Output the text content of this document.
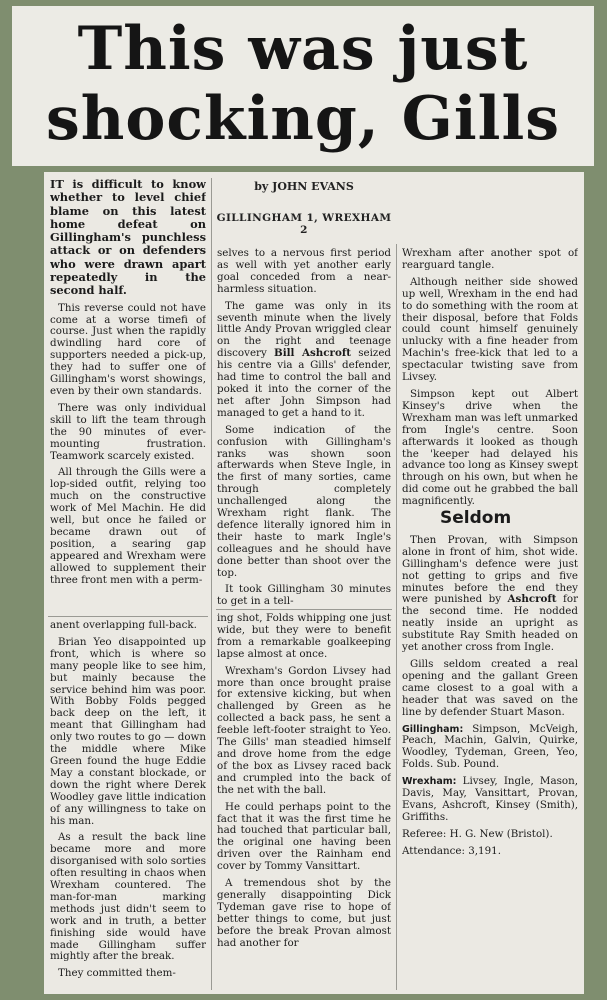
This was just
shocking, Gills
by JOHN EVANS
GILLINGHAM 1, WREXHAM 2

IT is difficult to know whether to level chief blame on this latest home defeat on Gillingham's punchless attack or on defenders who were drawn apart repeatedly in the second half.

This reverse could not have come at a worse timefi of course. Just when the rapidly dwindling hard core of supporters needed a pick-up, they had to suffer one of Gillingham's worst showings, even by their own standards.

There was only individual skill to lift the team through the 90 minutes of ever-mounting frustration. Teamwork scarcely existed.

All through the Gills were a lop-sided outfit, relying too much on the constructive work of Mel Machin. He did well, but once he failed or became drawn out of position, a searing gap appeared and Wrexham were allowed to supplement their three front men with a perm-

anent overlapping full-back.

Brian Yeo disappointed up front, which is where so many people like to see him, but mainly because the service behind him was poor. With Bobby Folds pegged back deep on the left, it meant that Gillingham had only two routes to go — down the middle where Mike Green found the huge Eddie May a constant blockade, or down the right where Derek Woodley gave little indication of any willingness to take on his man.

As a result the back line became more and more disorganised with solo sorties often resulting in chaos when Wrexham countered. The man-for-man marking methods just didn't seem to work and in truth, a better finishing side would have made Gillingham suffer mightly after the break.

They committed them-

selves to a nervous first period as well with yet another early goal conceded from a near-harmless situation.

The game was only in its seventh minute when the lively little Andy Provan wriggled clear on the right and teenage discovery Bill Ashcroft seized his centre via a Gills' defender, had time to control the ball and poked it into the corner of the net after John Simpson had managed to get a hand to it.

Some indication of the confusion with Gillingham's ranks was shown soon afterwards when Steve Ingle, in the first of many sorties, came through completely unchallenged along the Wrexham right flank. The defence literally ignored him in their haste to mark Ingle's colleagues and he should have done better than shoot over the top.

It took Gillingham 30 minutes to get in a tell-

ing shot, Folds whipping one just wide, but they were to benefit from a remarkable goalkeeping lapse almost at once.

Wrexham's Gordon Livsey had more than once brought praise for extensive kicking, but when challenged by Green as he collected a back pass, he sent a feeble left-footer straight to Yeo. The Gills' man steadied himself and drove home from the edge of the box as Livsey raced back and crumpled into the back of the net with the ball.

He could perhaps point to the fact that it was the first time he had touched that particular ball, the original one having been driven over the Rainham end cover by Tommy Vansittart.

A tremendous shot by the generally disappointing Dick Tydeman gave rise to hope of better things to come, but just before the break Provan almost had another for

Wrexham after another spot of rearguard tangle.

Although neither side showed up well, Wrexham in the end had to do something with the room at their disposal, before that Folds could count himself genuinely unlucky with a fine header from Machin's free-kick that led to a spectacular twisting save from Livsey.

Simpson kept out Albert Kinsey's drive when the Wrexham man was left unmarked from Ingle's centre. Soon afterwards it looked as though the 'keeper had delayed his advance too long as Kinsey swept through on his own, but when he did come out he grabbed the ball magnificently.

Seldom

Then Provan, with Simpson alone in front of him, shot wide. Gillingham's defence were just not getting to grips and five minutes before the end they were punished by Ashcroft for the second time. He nodded neatly inside an upright as substitute Ray Smith headed on yet another cross from Ingle.

Gills seldom created a real opening and the gallant Green came closest to a goal with a header that was saved on the line by defender Stuart Mason.

Gillingham: Simpson, McVeigh, Peach, Machin, Galvin, Quirke, Woodley, Tydeman, Green, Yeo, Folds. Sub. Pound.

Wrexham: Livsey, Ingle, Mason, Davis, May, Vansittart, Provan, Evans, Ashcroft, Kinsey (Smith), Griffiths.

Referee: H. G. New (Bristol).

Attendance: 3,191.
